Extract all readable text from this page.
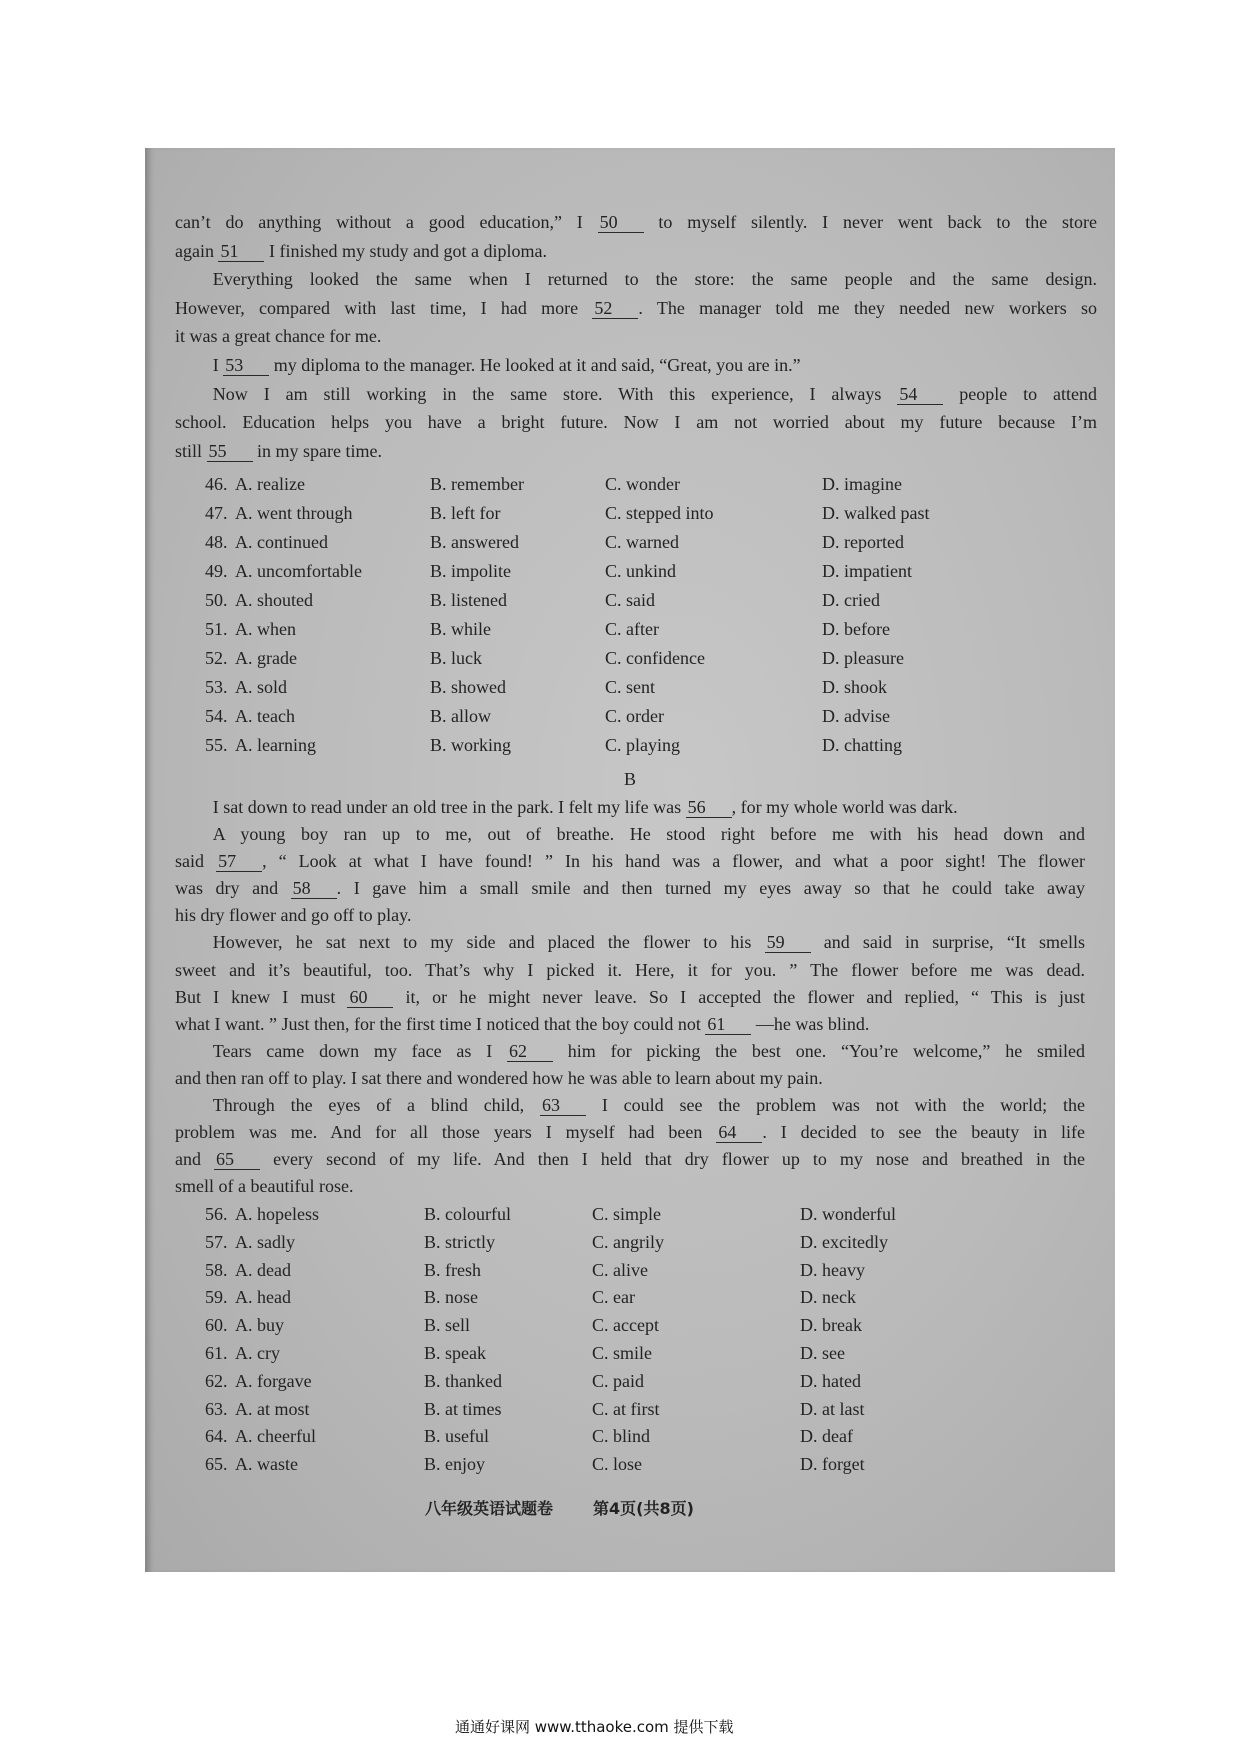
can’t do anything without a good education,” I 50 to myself silently. I never went back to the store
again 51 I finished my study and got a diploma.
Everything looked the same when I returned to the store: the same people and the same design.
However, compared with last time, I had more 52 . The manager told me they needed new workers so
it was a great chance for me.
I 53 my diploma to the manager. He looked at it and said, “Great, you are in.”
Now I am still working in the same store. With this experience, I always 54 people to attend
school. Education helps you have a bright future. Now I am not worried about my future because I’m
still 55 in my spare time.
46. A. realize	B. remember	C. wonder	D. imagine
47. A. went through	B. left for	C. stepped into	D. walked past
48. A. continued	B. answered	C. warned	D. reported
49. A. uncomfortable	B. impolite	C. unkind	D. impatient
50. A. shouted	B. listened	C. said	D. cried
51. A. when	B. while	C. after	D. before
52. A. grade	B. luck	C. confidence	D. pleasure
53. A. sold	B. showed	C. sent	D. shook
54. A. teach	B. allow	C. order	D. advise
55. A. learning	B. working	C. playing	D. chatting
B
I sat down to read under an old tree in the park. I felt my life was 56 , for my whole world was dark.
A young boy ran up to me, out of breathe. He stood right before me with his head down and
said 57 , “ Look at what I have found! ” In his hand was a flower, and what a poor sight! The flower
was dry and 58 . I gave him a small smile and then turned my eyes away so that he could take away
his dry flower and go off to play.
However, he sat next to my side and placed the flower to his 59 and said in surprise, “It smells
sweet and it’s beautiful, too. That’s why I picked it. Here, it for you. ” The flower before me was dead.
But I knew I must 60 it, or he might never leave. So I accepted the flower and replied, “ This is just
what I want. ” Just then, for the first time I noticed that the boy could not 61 —he was blind.
Tears came down my face as I 62 him for picking the best one. “You’re welcome,” he smiled
and then ran off to play. I sat there and wondered how he was able to learn about my pain.
Through the eyes of a blind child, 63 I could see the problem was not with the world; the
problem was me. And for all those years I myself had been 64 . I decided to see the beauty in life
and 65 every second of my life. And then I held that dry flower up to my nose and breathed in the
smell of a beautiful rose.
56. A. hopeless	B. colourful	C. simple	D. wonderful
57. A. sadly	B. strictly	C. angrily	D. excitedly
58. A. dead	B. fresh	C. alive	D. heavy
59. A. head	B. nose	C. ear	D. neck
60. A. buy	B. sell	C. accept	D. break
61. A. cry	B. speak	C. smile	D. see
62. A. forgave	B. thanked	C. paid	D. hated
63. A. at most	B. at times	C. at first	D. at last
64. A. cheerful	B. useful	C. blind	D. deaf
65. A. waste	B. enjoy	C. lose	D. forget
八年级英语试题卷	第4页(共8页)
通通好课网 www.tthaoke.com 提供下载
